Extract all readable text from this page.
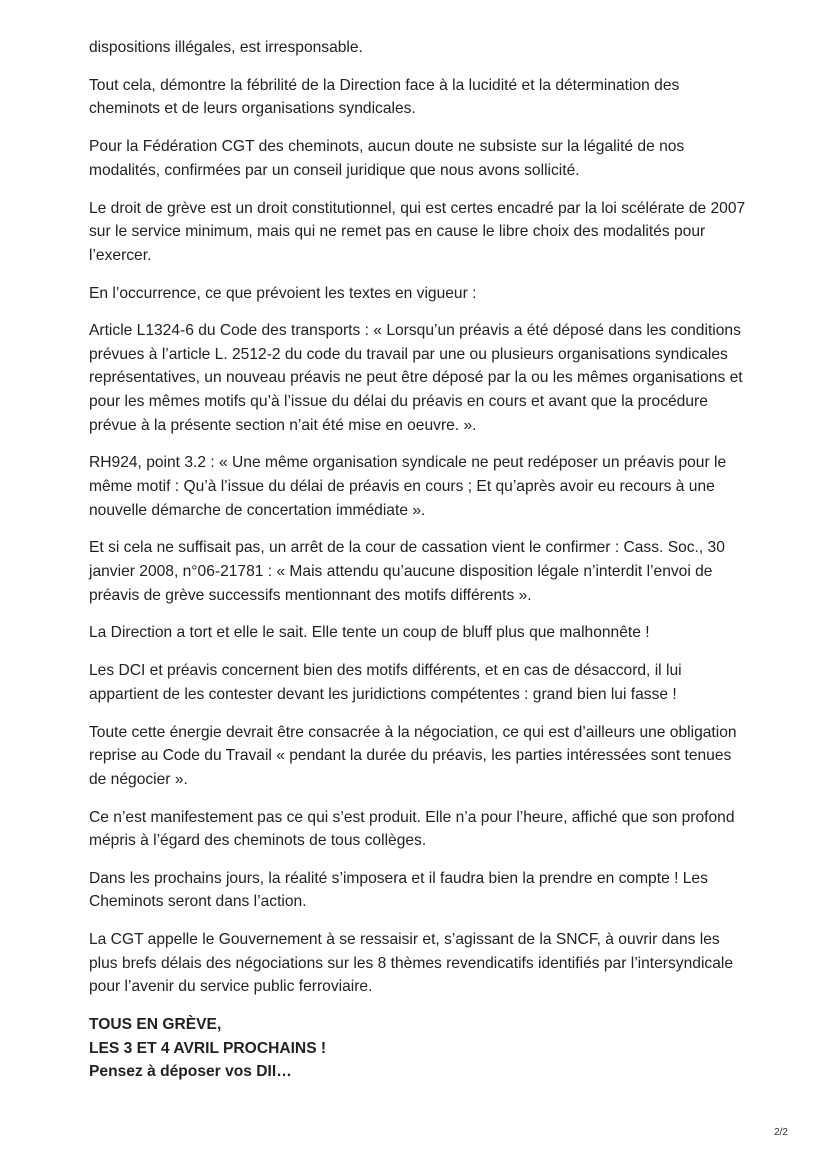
dispositions illégales, est irresponsable.

Tout cela, démontre la fébrilité de la Direction face à la lucidité et la détermination des cheminots et de leurs organisations syndicales.

Pour la Fédération CGT des cheminots, aucun doute ne subsiste sur la légalité de nos modalités, confirmées par un conseil juridique que nous avons sollicité.

Le droit de grève est un droit constitutionnel, qui est certes encadré par la loi scélérate de 2007 sur le service minimum, mais qui ne remet pas en cause le libre choix des modalités pour l’exercer.

En l’occurrence, ce que prévoient les textes en vigueur :

Article L1324-6 du Code des transports : « Lorsqu’un préavis a été déposé dans les conditions prévues à l’article L. 2512-2 du code du travail par une ou plusieurs organisations syndicales représentatives, un nouveau préavis ne peut être déposé par la ou les mêmes organisations et pour les mêmes motifs qu’à l’issue du délai du préavis en cours et avant que la procédure prévue à la présente section n’ait été mise en oeuvre. ».

RH924, point 3.2 : « Une même organisation syndicale ne peut redéposer un préavis pour le même motif : Qu’à l’issue du délai de préavis en cours ; Et qu’après avoir eu recours à une nouvelle démarche de concertation immédiate ».

Et si cela ne suffisait pas, un arrêt de la cour de cassation vient le confirmer : Cass. Soc., 30 janvier 2008, n°06-21781 : « Mais attendu qu’aucune disposition légale n’interdit l’envoi de préavis de grève successifs mentionnant des motifs différents ».

La Direction a tort et elle le sait. Elle tente un coup de bluff plus que malhonnête !

Les DCI et préavis concernent bien des motifs différents, et en cas de désaccord, il lui appartient de les contester devant les juridictions compétentes : grand bien lui fasse !

Toute cette énergie devrait être consacrée à la négociation, ce qui est d’ailleurs une obligation reprise au Code du Travail « pendant la durée du préavis, les parties intéressées sont tenues de négocier ».

Ce n’est manifestement pas ce qui s’est produit. Elle n’a pour l’heure, affiché que son profond mépris à l’égard des cheminots de tous collèges.

Dans les prochains jours, la réalité s’imposera et il faudra bien la prendre en compte ! Les Cheminots seront dans l’action.

La CGT appelle le Gouvernement à se ressaisir et, s’agissant de la SNCF, à ouvrir dans les plus brefs délais des négociations sur les 8 thèmes revendicatifs identifiés par l’intersyndicale pour l’avenir du service public ferroviaire.

TOUS EN GRÈVE,
LES 3 ET 4 AVRIL PROCHAINS !
Pensez à déposer vos DII…
2/2
